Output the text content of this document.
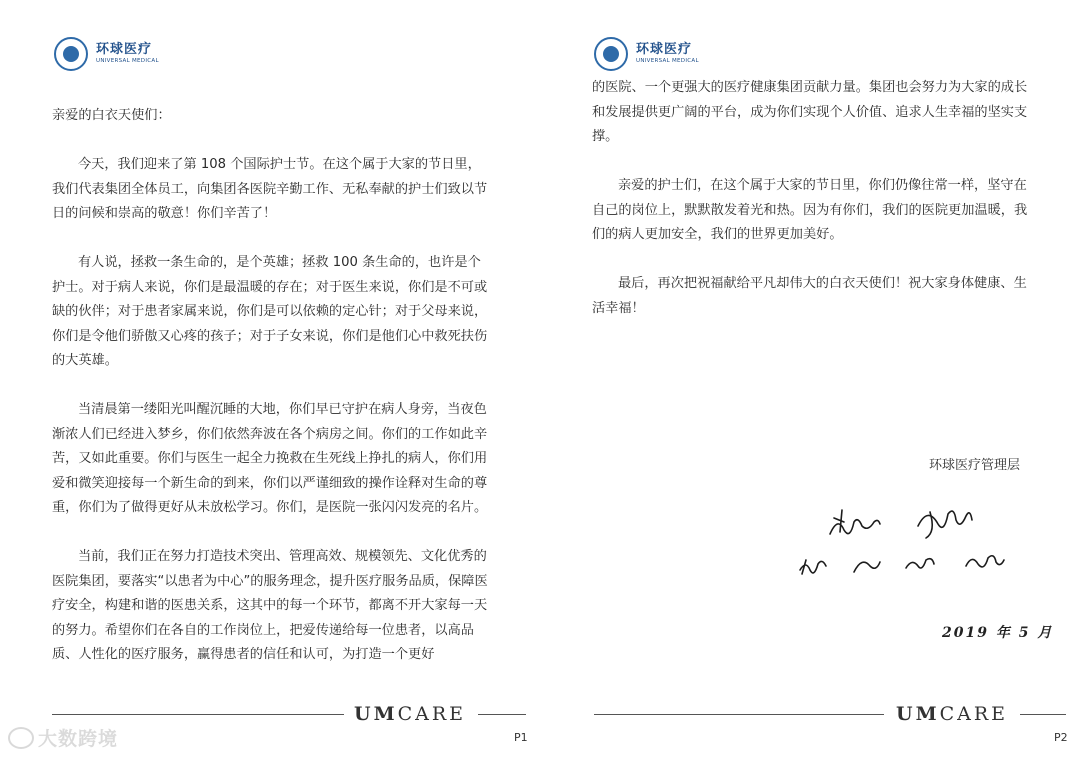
环球医疗
UNIVERSAL MEDICAL

亲爱的白衣天使们：

今天，我们迎来了第 108 个国际护士节。在这个属于大家的节日里，我们代表集团全体员工，向集团各医院辛勤工作、无私奉献的护士们致以节日的问候和崇高的敬意！你们辛苦了！

有人说，拯救一条生命的，是个英雄；拯救 100 条生命的，也许是个护士。对于病人来说，你们是最温暖的存在；对于医生来说，你们是不可或缺的伙伴；对于患者家属来说，你们是可以依赖的定心针；对于父母来说，你们是令他们骄傲又心疼的孩子；对于子女来说，你们是他们心中救死扶伤的大英雄。

当清晨第一缕阳光叫醒沉睡的大地，你们早已守护在病人身旁，当夜色渐浓人们已经进入梦乡，你们依然奔波在各个病房之间。你们的工作如此辛苦，又如此重要。你们与医生一起全力挽救在生死线上挣扎的病人，你们用爱和微笑迎接每一个新生命的到来，你们以严谨细致的操作诠释对生命的尊重，你们为了做得更好从未放松学习。你们，是医院一张闪闪发亮的名片。

当前，我们正在努力打造技术突出、管理高效、规模领先、文化优秀的医院集团，要落实“以患者为中心”的服务理念，提升医疗服务品质，保障医疗安全，构建和谐的医患关系，这其中的每一个环节，都离不开大家每一天的努力。希望你们在各自的工作岗位上，把爱传递给每一位患者，以高品质、人性化的医疗服务，赢得患者的信任和认可，为打造一个更好

UMCARE
P1
大数跨境
环球医疗
UNIVERSAL MEDICAL

的医院、一个更强大的医疗健康集团贡献力量。集团也会努力为大家的成长和发展提供更广阔的平台，成为你们实现个人价值、追求人生幸福的坚实支撑。

亲爱的护士们，在这个属于大家的节日里，你们仍像往常一样，坚守在自己的岗位上，默默散发着光和热。因为有你们，我们的医院更加温暖，我们的病人更加安全，我们的世界更加美好。

最后，再次把祝福献给平凡却伟大的白衣天使们！祝大家身体健康、生活幸福！

环球医疗管理层
2019 年 5 月
UMCARE
P2
